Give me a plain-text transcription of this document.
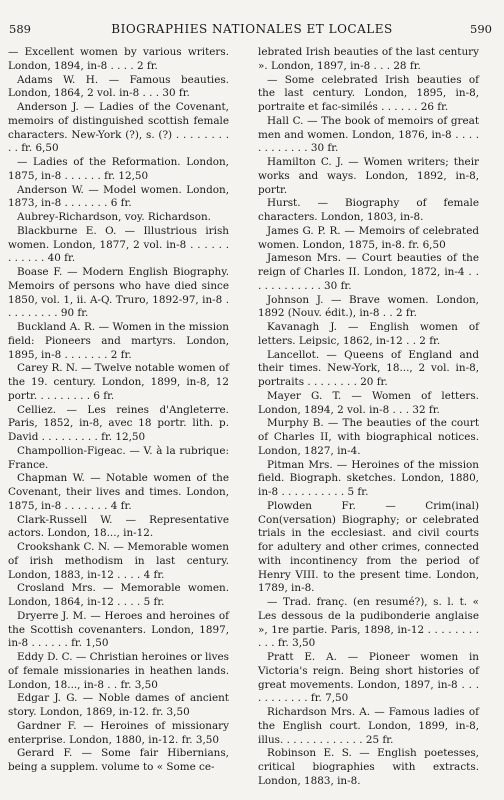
589	BIOGRAPHIES NATIONALES ET LOCALES	590

— Excellent women by various writers. London, 1894, in-8 . . . . 2 fr.

Adams W. H. — Famous beauties. London, 1864, 2 vol. in-8 . . . 30 fr.

Anderson J. — Ladies of the Covenant, memoirs of distinguished scottish female characters. New-York (?), s. (?) . . . . . . . . . . fr. 6,50

— Ladies of the Reformation. London, 1875, in-8 . . . . . . fr. 12,50

Anderson W. — Model women. London, 1873, in-8 . . . . . . . 6 fr.

Aubrey-Richardson, voy. Richardson.

Blackburne E. O. — Illustrious irish women. London, 1877, 2 vol. in-8 . . . . . . . . . . . . 40 fr.

Boase F. — Modern English Biography. Memoirs of persons who have died since 1850, vol. 1, ii. A-Q. Truro, 1892-97, in-8 . . . . . . . . . 90 fr.

Buckland A. R. — Women in the mission field: Pioneers and martyrs. London, 1895, in-8 . . . . . . . 2 fr.

Carey R. N. — Twelve notable women of the 19. century. London, 1899, in-8, 12 portr. . . . . . . . . 6 fr.

Celliez. — Les reines d'Angleterre. Paris, 1852, in-8, avec 18 portr. lith. p. David . . . . . . . . . fr. 12,50

Champollion-Figeac. — V. à la rubrique: France.

Chapman W. — Notable women of the Covenant, their lives and times. London, 1875, in-8 . . . . . . . 4 fr.

Clark-Russell W. — Representative actors. London, 18..., in-12.

Crookshank C. N. — Memorable women of irish methodism in last century. London, 1883, in-12 . . . . 4 fr.

Crosland Mrs. — Memorable women. London, 1864, in-12 . . . . 5 fr.

Dryerre J. M. — Heroes and heroines of the Scottish covenanters. London, 1897, in-8 . . . . . . fr. 1,50

Eddy D. C. — Christian heroines or lives of female missionaries in heathen lands. London, 18..., in-8 . . fr. 3,50

Edgar J. G. — Noble dames of ancient story. London, 1869, in-12. fr. 3,50

Gardner F. — Heroines of missionary enterprise. London, 1880, in-12. fr. 3,50

Gerard F. — Some fair Hibernians, being a supplem. volume to « Some ce-

lebrated Irish beauties of the last century ». London, 1897, in-8 . . . 28 fr.

— Some celebrated Irish beauties of the last century. London, 1895, in-8, portraite et fac-similés . . . . . . 26 fr.

Hall C. — The book of memoirs of great men and women. London, 1876, in-8 . . . . . . . . . . . . 30 fr.

Hamilton C. J. — Women writers; their works and ways. London, 1892, in-8, portr.

Hurst. — Biography of female characters. London, 1803, in-8.

James G. P. R. — Memoirs of celebrated women. London, 1875, in-8. fr. 6,50

Jameson Mrs. — Court beauties of the reign of Charles II. London, 1872, in-4 . . . . . . . . . . . . 30 fr.

Johnson J. — Brave women. London, 1892 (Nouv. édit.), in-8 . . 2 fr.

Kavanagh J. — English women of letters. Leipsic, 1862, in-12 . . 2 fr.

Lancellot. — Queens of England and their times. New-York, 18..., 2 vol. in-8, portraits . . . . . . . . 20 fr.

Mayer G. T. — Women of letters. London, 1894, 2 vol. in-8 . . . 32 fr.

Murphy B. — The beauties of the court of Charles II, with biographical notices. London, 1827, in-4.

Pitman Mrs. — Heroines of the mission field. Biograph. sketches. London, 1880, in-8 . . . . . . . . . . 5 fr.

Plowden Fr. — Crim(inal) Con(versation) Biography; or celebrated trials in the ecclesiast. and civil courts for adultery and other crimes, connected with incontinency from the period of Henry VIII. to the present time. London, 1789, in-8.

— Trad. franç. (en resumé?), s. l. t. « Les dessous de la pudibonderie anglaise », 1re partie. Paris, 1898, in-12 . . . . . . . . . . . fr. 3,50

Pratt E. A. — Pioneer women in Victoria's reign. Being short histories of great movements. London, 1897, in-8 . . . . . . . . . . . fr. 7,50

Richardson Mrs. A. — Famous ladies of the English court. London, 1899, in-8, illus. . . . . . . . . . . . . 25 fr.

Robinson E. S. — English poetesses, critical biographies with extracts. London, 1883, in-8.
